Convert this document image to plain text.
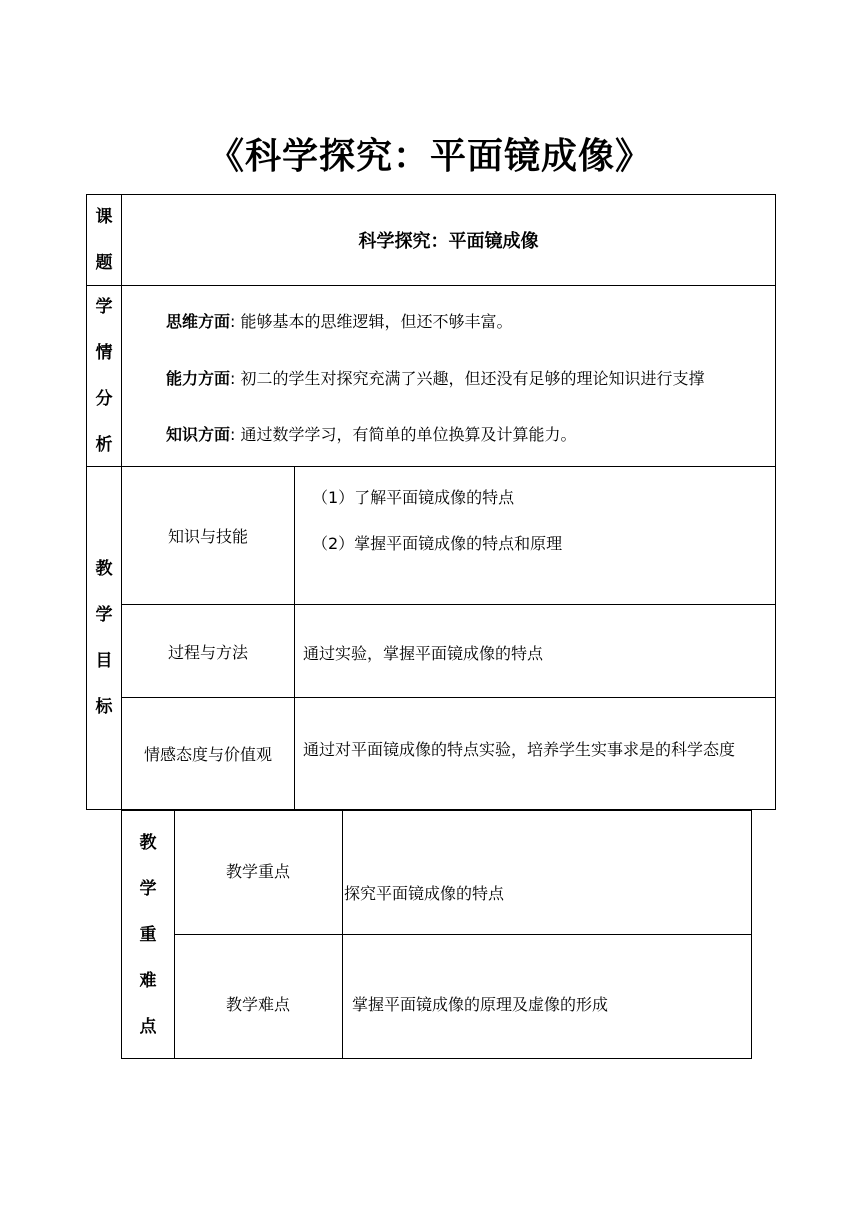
《科学探究：平面镜成像》
课
题
科学探究：平面镜成像
学
情
分
析
思维方面: 能够基本的思维逻辑，但还不够丰富。
能力方面: 初二的学生对探究充满了兴趣，但还没有足够的理论知识进行支撑
知识方面: 通过数学学习，有简单的单位换算及计算能力。
教
学
目
标
知识与技能
（1）了解平面镜成像的特点
（2）掌握平面镜成像的特点和原理
过程与方法	通过实验，掌握平面镜成像的特点
情感态度与价值观 通过对平面镜成像的特点实验，培养学生实事求是的科学态度
教
学
重
难
点
教学重点
探究平面镜成像的特点
教学难点	掌握平面镜成像的原理及虚像的形成
